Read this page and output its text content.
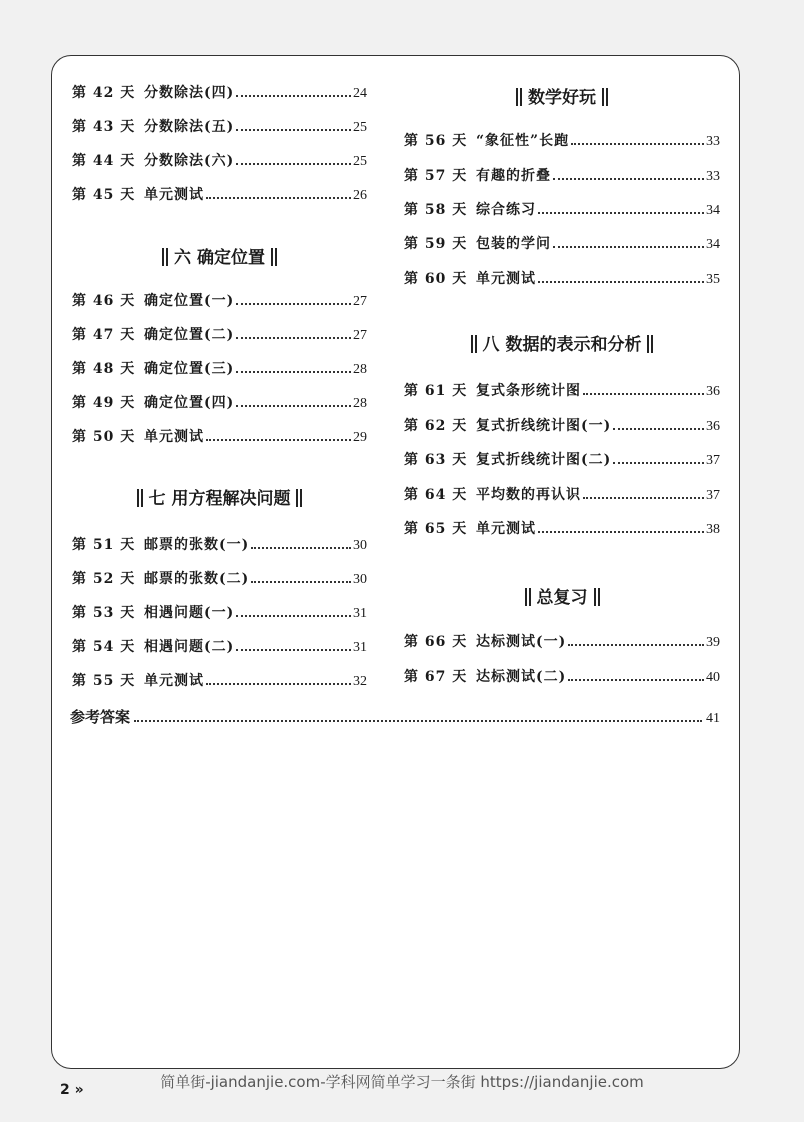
第 42 天 分数除法(四)	24
第 43 天 分数除法(五)	25
第 44 天 分数除法(六)	25
第 45 天 单元测试	26
六 确定位置
第 46 天 确定位置(一)	27
第 47 天 确定位置(二)	27
第 48 天 确定位置(三)	28
第 49 天 确定位置(四)	28
第 50 天 单元测试	29
七 用方程解决问题
第 51 天 邮票的张数(一)	30
第 52 天 邮票的张数(二)	30
第 53 天 相遇问题(一)	31
第 54 天 相遇问题(二)	31
第 55 天 单元测试	32
数学好玩
第 56 天 “象征性”长跑	33
第 57 天 有趣的折叠	33
第 58 天 综合练习	34
第 59 天 包装的学问	34
第 60 天 单元测试	35
八 数据的表示和分析
第 61 天 复式条形统计图	36
第 62 天 复式折线统计图(一)	36
第 63 天 复式折线统计图(二)	37
第 64 天 平均数的再认识	37
第 65 天 单元测试	38
总复习
第 66 天 达标测试(一)	39
第 67 天 达标测试(二)	40
参考答案	41
2 »	简单街-jiandanjie.com-学科网简单学习一条街 https://jiandanjie.com
